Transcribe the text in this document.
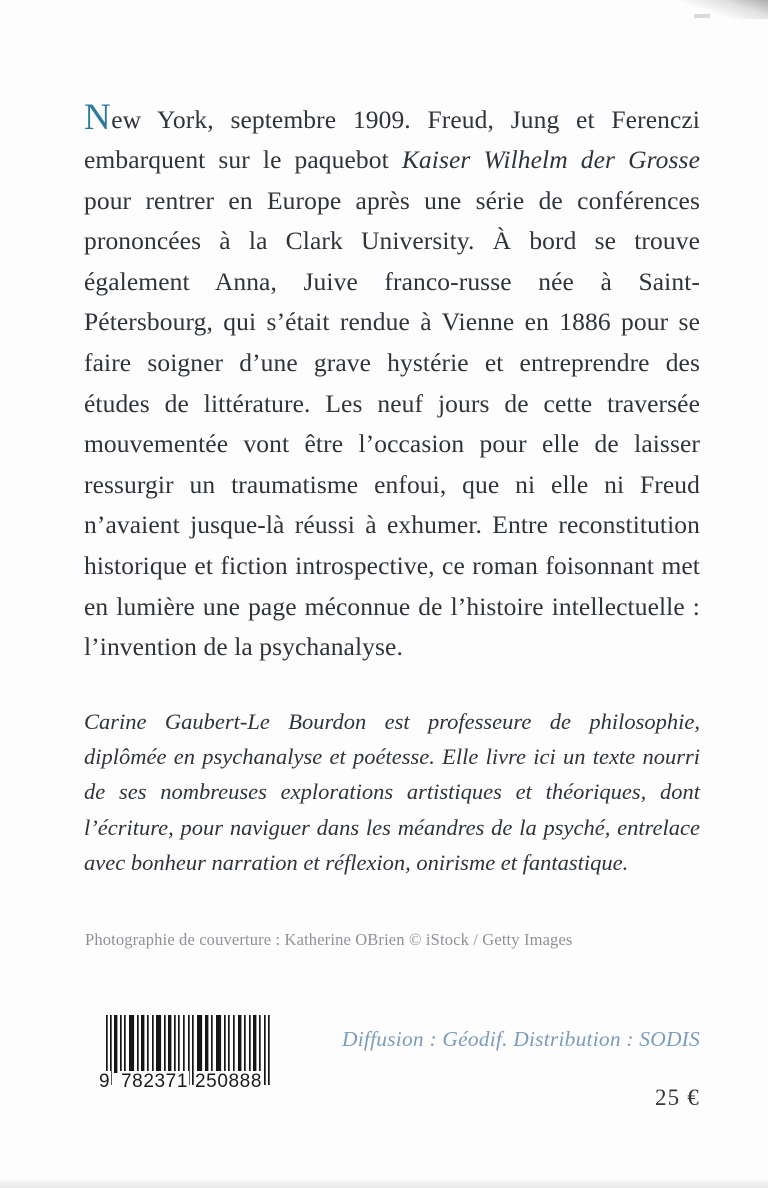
New York, septembre 1909. Freud, Jung et Ferenczi embarquent sur le paquebot Kaiser Wilhelm der Grosse pour rentrer en Europe après une série de conférences prononcées à la Clark University. À bord se trouve également Anna, Juive franco-russe née à Saint-Pétersbourg, qui s’était rendue à Vienne en 1886 pour se faire soigner d’une grave hystérie et entreprendre des études de littérature. Les neuf jours de cette traversée mouvementée vont être l’occasion pour elle de laisser ressurgir un traumatisme enfoui, que ni elle ni Freud n’avaient jusque-là réussi à exhumer. Entre reconstitution historique et fiction introspective, ce roman foisonnant met en lumière une page méconnue de l’histoire intellectuelle : l’invention de la psychanalyse.

Carine Gaubert-Le Bourdon est professeure de philosophie, diplômée en psychanalyse et poétesse. Elle livre ici un texte nourri de ses nombreuses explorations artistiques et théoriques, dont l’écriture, pour naviguer dans les méandres de la psyché, entrelace avec bonheur narration et réflexion, onirisme et fantastique.

Photographie de couverture : Katherine OBrien © iStock / Getty Images

9 782371 250888
Diffusion : Géodif. Distribution : SODIS
25 €
